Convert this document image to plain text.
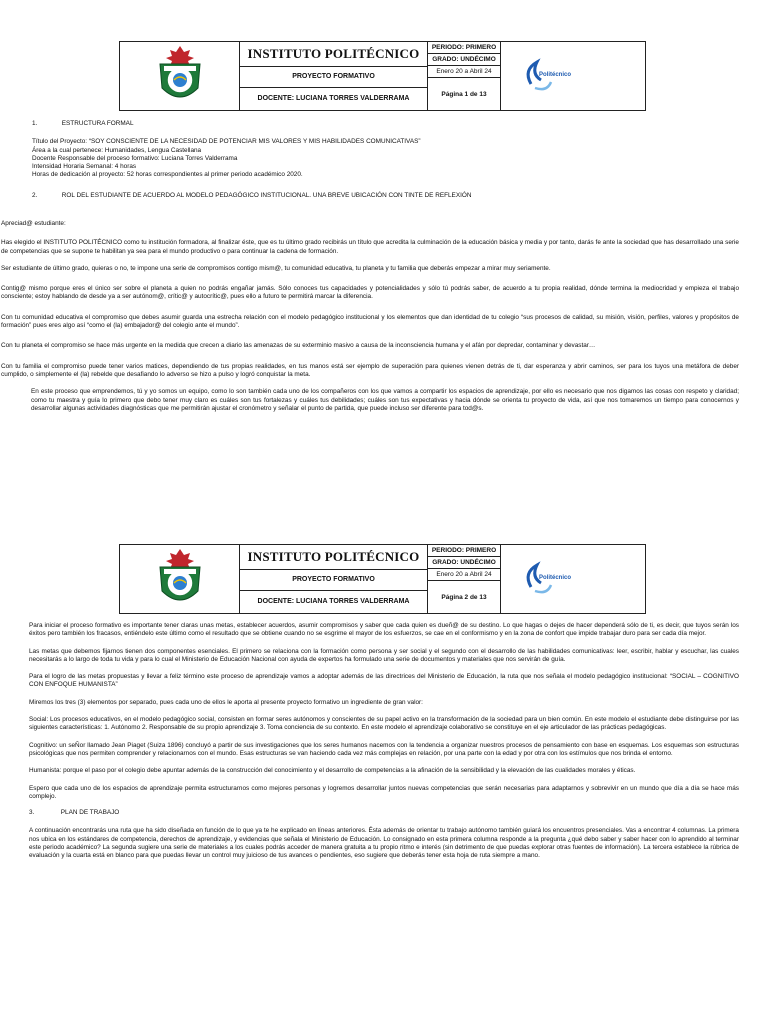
INSTITUTO POLITÉCNICO
PROYECTO FORMATIVO
DOCENTE: LUCIANA TORRES VALDERRAMA
PERIODO: PRIMERO
GRADO: UNDÉCIMO
Enero 20 a Abril 24
Página 1 de 13
Politécnico
1.	ESTRUCTURA FORMAL
Título del Proyecto: “SOY CONSCIENTE DE LA NECESIDAD DE POTENCIAR MIS VALORES Y MIS HABILIDADES COMUNICATIVAS”
Área a la cual pertenece: Humanidades, Lengua Castellana
Docente Responsable del proceso formativo: Luciana Torres Valderrama
Intensidad Horaria Semanal: 4 horas
Horas de dedicación al proyecto: 52 horas correspondientes al primer periodo académico 2020.
2.	ROL DEL ESTUDIANTE DE ACUERDO AL MODELO PEDAGÓGICO INSTITUCIONAL. UNA BREVE UBICACIÓN CON TINTE DE REFLEXIÓN

Apreciad@ estudiante:

Has elegido el INSTITUTO POLITÉCNICO como tu institución formadora, al finalizar éste, que es tu último grado recibirás un título que acredita la culminación de la educación básica y media y por tanto, darás fe ante la sociedad que has desarrollado una serie de competencias que se supone te habilitan ya sea para el mundo productivo o para continuar la cadena de formación.

Ser estudiante de último grado, quieras o no, te impone una serie de compromisos contigo mism@, tu comunidad educativa, tu planeta y tu familia que deberás empezar a mirar muy seriamente.

Contig@ mismo porque eres el único ser sobre el planeta a quien no podrás engañar jamás. Sólo conoces tus capacidades y potencialidades y sólo tú podrás saber, de acuerdo a tu propia realidad, dónde termina la mediocridad y empieza el trabajo consciente; estoy hablando de desde ya a ser autónom@, crític@ y autocrític@, pues ello a futuro te permitirá marcar la diferencia.

Con tu comunidad educativa el compromiso que debes asumir guarda una estrecha relación con el modelo pedagógico institucional y los elementos que dan identidad de tu colegio “sus procesos de calidad, su misión, visión, perfiles, valores y propósitos de formación” pues eres algo así “como el (la) embajador@ del colegio ante el mundo”.

Con tu planeta el compromiso se hace más urgente en la medida que crecen a diario las amenazas de su exterminio masivo a causa de la inconsciencia humana y el afán por depredar, contaminar y devastar…

Con tu familia el compromiso puede tener varios matices, dependiendo de tus propias realidades, en tus manos está ser ejemplo de superación para quienes vienen detrás de ti, dar esperanza y abrir caminos, ser para los tuyos una metáfora de deber cumplido, o simplemente el (la) rebelde que desafiando lo adverso se hizo a pulso y logró conquistar la meta.

En este proceso que emprendemos, tú y yo somos un equipo, como lo son también cada uno de los compañeros con los que vamos a compartir los espacios de aprendizaje, por ello es necesario que nos digamos las cosas con respeto y claridad; como tu maestra y guía lo primero que debo tener muy claro es cuáles son tus fortalezas y cuáles tus debilidades; cuáles son tus expectativas y hacia dónde se orienta tu proyecto de vida, así que nos tomaremos un tiempo para conocernos y desarrollar algunas actividades diagnósticas que me permitirán ajustar el cronómetro y señalar el punto de partida, que puede incluso ser diferente para tod@s.

INSTITUTO POLITÉCNICO
PROYECTO FORMATIVO
DOCENTE: LUCIANA TORRES VALDERRAMA
PERIODO: PRIMERO
GRADO: UNDÉCIMO
Enero 20 a Abril 24
Página 2 de 13
Politécnico

Para iniciar el proceso formativo es importante tener claras unas metas, establecer acuerdos, asumir compromisos y saber que cada quien es dueñ@ de su destino. Lo que hagas o dejes de hacer dependerá sólo de ti, es decir, que tuyos serán los éxitos pero también los fracasos, entiéndelo este último como el resultado que se obtiene cuando no se esgrime el mayor de los esfuerzos, se cae en el conformismo y en la zona de confort que impide trabajar duro para ser cada día mejor.

Las metas que debemos fijarnos tienen dos componentes esenciales. El primero se relaciona con la formación como persona y ser social y el segundo con el desarrollo de las habilidades comunicativas: leer, escribir, hablar y escuchar, las cuales necesitarás a lo largo de toda tu vida y para lo cual el Ministerio de Educación Nacional con ayuda de expertos ha formulado una serie de documentos y materiales que nos servirán de guía.

Para el logro de las metas propuestas y llevar a feliz término este proceso de aprendizaje vamos a adoptar además de las directrices del Ministerio de Educación, la ruta que nos señala el modelo pedagógico institucional: “SOCIAL – COGNITIVO CON ENFOQUE HUMANISTA”

Miremos los tres (3) elementos por separado, pues cada uno de ellos le aporta al presente proyecto formativo un ingrediente de gran valor:

Social: Los procesos educativos, en el modelo pedagógico social, consisten en formar seres autónomos y conscientes de su papel activo en la transformación de la sociedad para un bien común. En este modelo el estudiante debe distinguirse por las siguientes características: 1. Autónomo 2. Responsable de su propio aprendizaje 3. Toma conciencia de su contexto. En este modelo el aprendizaje colaborativo se constituye en el eje articulador de las prácticas pedagógicas.

Cognitivo: un seÑor llamado Jean Piaget (Suiza 1896) concluyó a partir de sus investigaciones que los seres humanos nacemos con la tendencia a organizar nuestros procesos de pensamiento con base en esquemas. Los esquemas son estructuras psicológicas que nos permiten comprender y relacionarnos con el mundo. Esas estructuras se van haciendo cada vez más complejas en relación, por una parte con la edad y por otra con los estímulos que nos brinda el entorno.

Humanista: porque el paso por el colegio debe apuntar además de la construcción del conocimiento y el desarrollo de competencias a la afinación de la sensibilidad y la elevación de las cualidades morales y éticas.

Espero que cada uno de los espacios de aprendizaje permita estructurarnos como mejores personas y logremos desarrollar juntos nuevas competencias que serán necesarias para adaptarnos y sobrevivir en un mundo que día a día se hace más complejo.

3.	PLAN DE TRABAJO

A continuación encontrarás una ruta que ha sido diseñada en función de lo que ya te he explicado en líneas anteriores. Ésta además de orientar tu trabajo autónomo también guiará los encuentros presenciales. Vas a encontrar 4 columnas. La primera nos ubica en los estándares de competencia, derechos de aprendizaje, y evidencias que señala el Ministerio de Educación. Lo consignado en esta primera columna responde a la pregunta ¿qué debo saber y saber hacer con lo aprendido al terminar este periodo académico? La segunda sugiere una serie de materiales a los cuales podrás acceder de manera gratuita a tu propio ritmo e interés (sin detrimento de que puedas explorar otras fuentes de información). La tercera establece la rúbrica de evaluación y la cuarta está en blanco para que puedas llevar un control muy juicioso de tus avances o pendientes, eso sugiere que deberás tener esta hoja de ruta siempre a mano.
